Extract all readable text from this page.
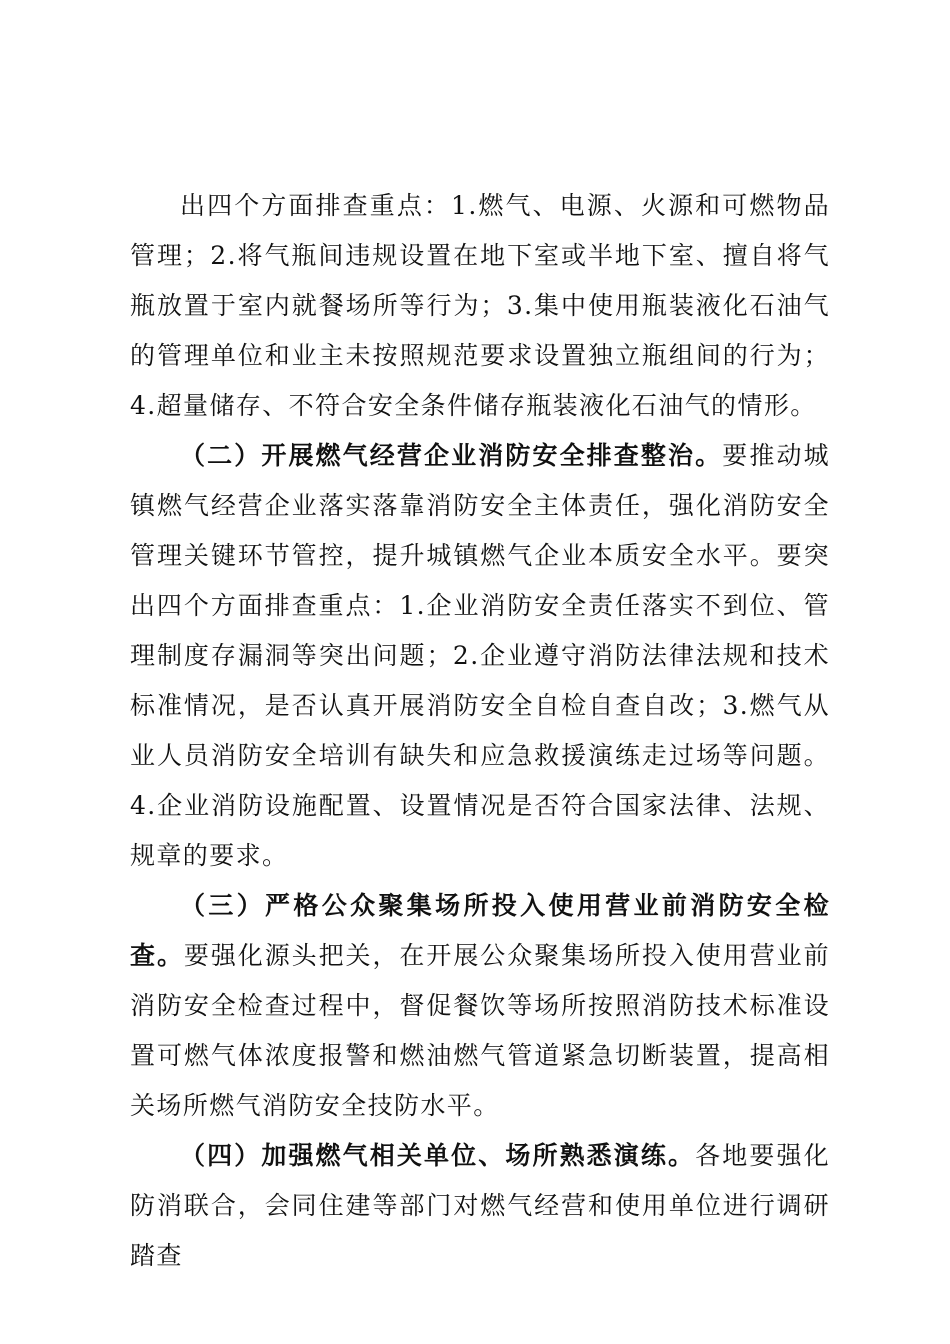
出四个方面排查重点：1.燃气、电源、火源和可燃物品管理；2.将气瓶间违规设置在地下室或半地下室、擅自将气瓶放置于室内就餐场所等行为；3.集中使用瓶装液化石油气的管理单位和业主未按照规范要求设置独立瓶组间的行为；4.超量储存、不符合安全条件储存瓶装液化石油气的情形。

（二）开展燃气经营企业消防安全排查整治。要推动城镇燃气经营企业落实落靠消防安全主体责任，强化消防安全管理关键环节管控，提升城镇燃气企业本质安全水平。要突出四个方面排查重点：1.企业消防安全责任落实不到位、管理制度存漏洞等突出问题；2.企业遵守消防法律法规和技术标准情况，是否认真开展消防安全自检自查自改；3.燃气从业人员消防安全培训有缺失和应急救援演练走过场等问题。4.企业消防设施配置、设置情况是否符合国家法律、法规、规章的要求。

（三）严格公众聚集场所投入使用营业前消防安全检查。要强化源头把关，在开展公众聚集场所投入使用营业前消防安全检查过程中，督促餐饮等场所按照消防技术标准设置可燃气体浓度报警和燃油燃气管道紧急切断装置，提高相关场所燃气消防安全技防水平。

（四）加强燃气相关单位、场所熟悉演练。各地要强化防消联合，会同住建等部门对燃气经营和使用单位进行调研踏查
